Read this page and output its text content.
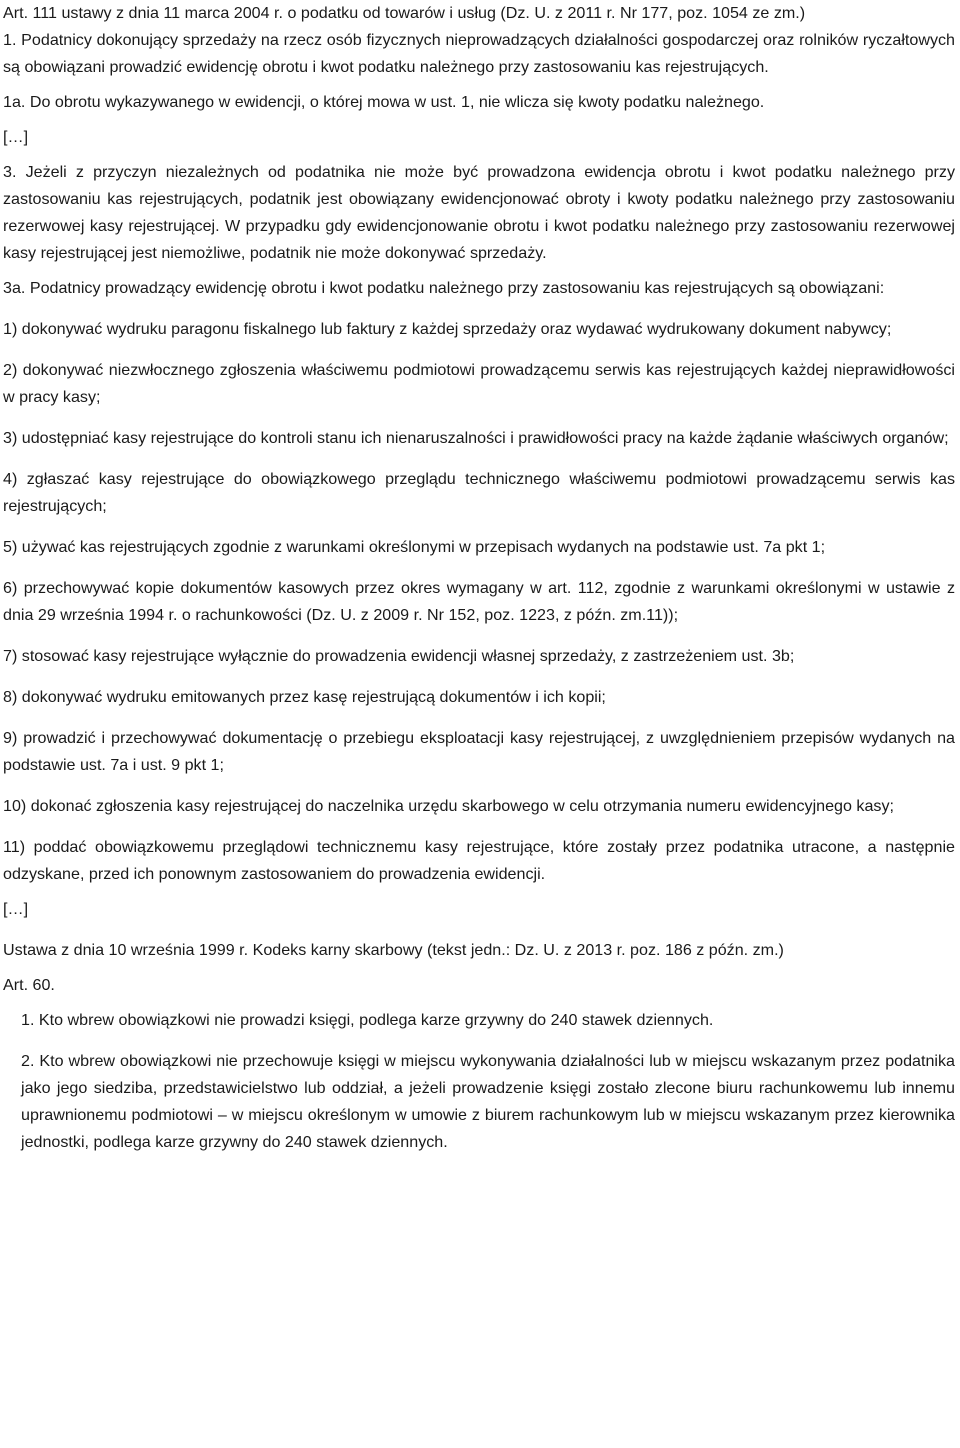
Art. 111 ustawy z dnia 11 marca 2004 r. o podatku od towarów i usług (Dz. U. z 2011 r. Nr 177, poz. 1054 ze zm.)

1. Podatnicy dokonujący sprzedaży na rzecz osób fizycznych nieprowadzących działalności gospodarczej oraz rolników ryczałtowych są obowiązani prowadzić ewidencję obrotu i kwot podatku należnego przy zastosowaniu kas rejestrujących.

1a. Do obrotu wykazywanego w ewidencji, o której mowa w ust. 1, nie wlicza się kwoty podatku należnego.

[…]

3. Jeżeli z przyczyn niezależnych od podatnika nie może być prowadzona ewidencja obrotu i kwot podatku należnego przy zastosowaniu kas rejestrujących, podatnik jest obowiązany ewidencjonować obroty i kwoty podatku należnego przy zastosowaniu rezerwowej kasy rejestrującej. W przypadku gdy ewidencjonowanie obrotu i kwot podatku należnego przy zastosowaniu rezerwowej kasy rejestrującej jest niemożliwe, podatnik nie może dokonywać sprzedaży.

3a. Podatnicy prowadzący ewidencję obrotu i kwot podatku należnego przy zastosowaniu kas rejestrujących są obowiązani:

1) dokonywać wydruku paragonu fiskalnego lub faktury z każdej sprzedaży oraz wydawać wydrukowany dokument nabywcy;

2) dokonywać niezwłocznego zgłoszenia właściwemu podmiotowi prowadzącemu serwis kas rejestrujących każdej nieprawidłowości w pracy kasy;

3) udostępniać kasy rejestrujące do kontroli stanu ich nienaruszalności i prawidłowości pracy na każde żądanie właściwych organów;

4) zgłaszać kasy rejestrujące do obowiązkowego przeglądu technicznego właściwemu podmiotowi prowadzącemu serwis kas rejestrujących;

5) używać kas rejestrujących zgodnie z warunkami określonymi w przepisach wydanych na podstawie ust. 7a pkt 1;

6) przechowywać kopie dokumentów kasowych przez okres wymagany w art. 112, zgodnie z warunkami określonymi w ustawie z dnia 29 września 1994 r. o rachunkowości (Dz. U. z 2009 r. Nr 152, poz. 1223, z późn. zm.11));

7) stosować kasy rejestrujące wyłącznie do prowadzenia ewidencji własnej sprzedaży, z zastrzeżeniem ust. 3b;

8) dokonywać wydruku emitowanych przez kasę rejestrującą dokumentów i ich kopii;

9) prowadzić i przechowywać dokumentację o przebiegu eksploatacji kasy rejestrującej, z uwzględnieniem przepisów wydanych na podstawie ust. 7a i ust. 9 pkt 1;

10) dokonać zgłoszenia kasy rejestrującej do naczelnika urzędu skarbowego w celu otrzymania numeru ewidencyjnego kasy;

11) poddać obowiązkowemu przeglądowi technicznemu kasy rejestrujące, które zostały przez podatnika utracone, a następnie odzyskane, przed ich ponownym zastosowaniem do prowadzenia ewidencji.

[…]

Ustawa z dnia 10 września 1999 r. Kodeks karny skarbowy (tekst jedn.: Dz. U. z 2013 r. poz. 186 z późn. zm.)

Art. 60.

1. Kto wbrew obowiązkowi nie prowadzi księgi, podlega karze grzywny do 240 stawek dziennych.

2. Kto wbrew obowiązkowi nie przechowuje księgi w miejscu wykonywania działalności lub w miejscu wskazanym przez podatnika jako jego siedziba, przedstawicielstwo lub oddział, a jeżeli prowadzenie księgi zostało zlecone biuru rachunkowemu lub innemu uprawnionemu podmiotowi – w miejscu określonym w umowie z biurem rachunkowym lub w miejscu wskazanym przez kierownika jednostki, podlega karze grzywny do 240 stawek dziennych.
